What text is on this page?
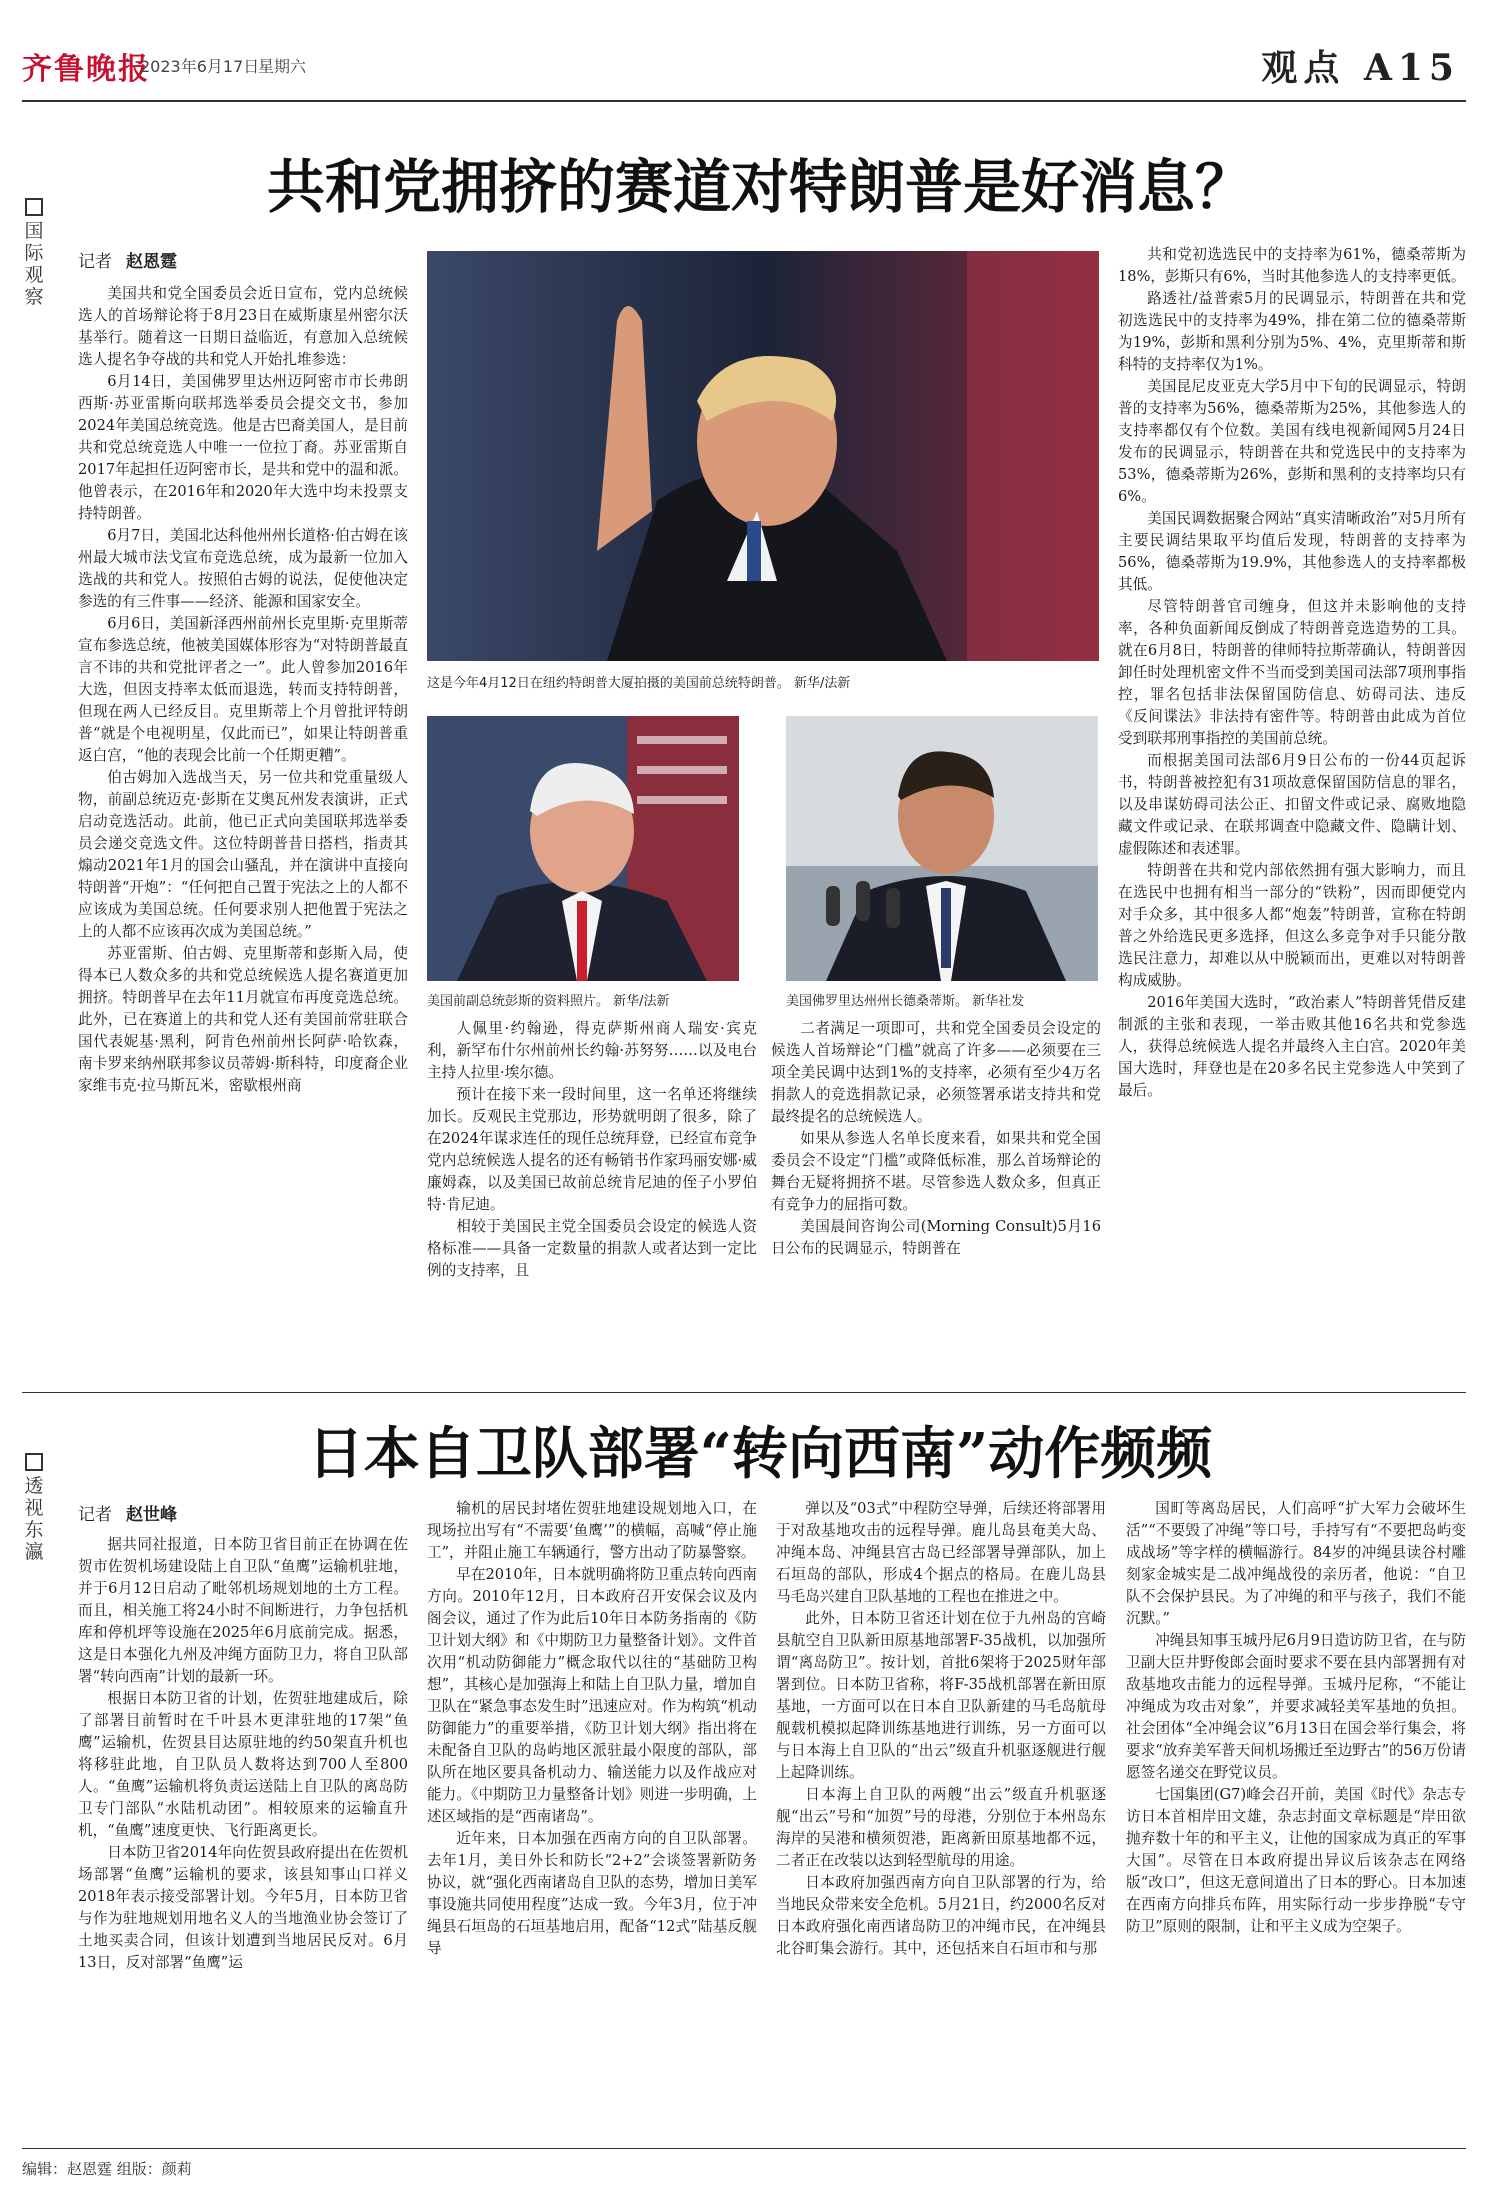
齐鲁晚报
2023年6月17日
星期六	观点 A15
国
际
观
察
共和党拥挤的赛道对特朗普是好消息？
记者 赵恩霆

美国共和党全国委员会近日宣布，党内总统候选人的首场辩论将于8月23日在威斯康星州密尔沃基举行。随着这一日期日益临近，有意加入总统候选人提名争夺战的共和党人开始扎堆参选：

6月14日，美国佛罗里达州迈阿密市市长弗朗西斯·苏亚雷斯向联邦选举委员会提交文书，参加2024年美国总统竞选。他是古巴裔美国人，是目前共和党总统竞选人中唯一一位拉丁裔。苏亚雷斯自2017年起担任迈阿密市长，是共和党中的温和派。他曾表示，在2016年和2020年大选中均未投票支持特朗普。

6月7日，美国北达科他州州长道格·伯古姆在该州最大城市法戈宣布竞选总统，成为最新一位加入选战的共和党人。按照伯古姆的说法，促使他决定参选的有三件事——经济、能源和国家安全。

6月6日，美国新泽西州前州长克里斯·克里斯蒂宣布参选总统，他被美国媒体形容为“对特朗普最直言不讳的共和党批评者之一”。此人曾参加2016年大选，但因支持率太低而退选，转而支持特朗普，但现在两人已经反目。克里斯蒂上个月曾批评特朗普“就是个电视明星，仅此而已”，如果让特朗普重返白宫，“他的表现会比前一个任期更糟”。

伯古姆加入选战当天，另一位共和党重量级人物，前副总统迈克·彭斯在艾奥瓦州发表演讲，正式启动竞选活动。此前，他已正式向美国联邦选举委员会递交竞选文件。这位特朗普昔日搭档，指责其煽动2021年1月的国会山骚乱，并在演讲中直接向特朗普“开炮”：“任何把自己置于宪法之上的人都不应该成为美国总统。任何要求别人把他置于宪法之上的人都不应该再次成为美国总统。”

苏亚雷斯、伯古姆、克里斯蒂和彭斯入局，使得本已人数众多的共和党总统候选人提名赛道更加拥挤。特朗普早在去年11月就宣布再度竞选总统。此外，已在赛道上的共和党人还有美国前常驻联合国代表妮基·黑利，阿肯色州前州长阿萨·哈钦森，南卡罗来纳州联邦参议员蒂姆·斯科特，印度裔企业家维韦克·拉马斯瓦米，密歇根州商

这是今年4月12日在纽约特朗普大厦拍摄的美国前总统特朗普。 新华/法新
美国前副总统彭斯的资料照片。 新华/法新	美国佛罗里达州州长德桑蒂斯。 新华社发

人佩里·约翰逊，得克萨斯州商人瑞安·宾克利，新罕布什尔州前州长约翰·苏努努……以及电台主持人拉里·埃尔德。

预计在接下来一段时间里，这一名单还将继续加长。反观民主党那边，形势就明朗了很多，除了在2024年谋求连任的现任总统拜登，已经宣布竞争党内总统候选人提名的还有畅销书作家玛丽安娜·威廉姆森，以及美国已故前总统肯尼迪的侄子小罗伯特·肯尼迪。

相较于美国民主党全国委员会设定的候选人资格标准——具备一定数量的捐款人或者达到一定比例的支持率，且

二者满足一项即可，共和党全国委员会设定的候选人首场辩论“门槛”就高了许多——必须要在三项全美民调中达到1%的支持率，必须有至少4万名捐款人的竞选捐款记录，必须签署承诺支持共和党最终提名的总统候选人。

如果从参选人名单长度来看，如果共和党全国委员会不设定“门槛”或降低标准，那么首场辩论的舞台无疑将拥挤不堪。尽管参选人数众多，但真正有竞争力的屈指可数。

美国晨间咨询公司(Morning Consult)5月16日公布的民调显示，特朗普在

共和党初选选民中的支持率为61%，德桑蒂斯为18%，彭斯只有6%，当时其他参选人的支持率更低。

路透社/益普索5月的民调显示，特朗普在共和党初选选民中的支持率为49%，排在第二位的德桑蒂斯为19%，彭斯和黑利分别为5%、4%，克里斯蒂和斯科特的支持率仅为1%。

美国昆尼皮亚克大学5月中下旬的民调显示，特朗普的支持率为56%，德桑蒂斯为25%，其他参选人的支持率都仅有个位数。美国有线电视新闻网5月24日发布的民调显示，特朗普在共和党选民中的支持率为53%，德桑蒂斯为26%，彭斯和黑利的支持率均只有6%。

美国民调数据聚合网站“真实清晰政治”对5月所有主要民调结果取平均值后发现，特朗普的支持率为56%，德桑蒂斯为19.9%，其他参选人的支持率都极其低。

尽管特朗普官司缠身，但这并未影响他的支持率，各种负面新闻反倒成了特朗普竞选造势的工具。就在6月8日，特朗普的律师特拉斯蒂确认，特朗普因卸任时处理机密文件不当而受到美国司法部7项刑事指控，罪名包括非法保留国防信息、妨碍司法、违反《反间谍法》非法持有密件等。特朗普由此成为首位受到联邦刑事指控的美国前总统。

而根据美国司法部6月9日公布的一份44页起诉书，特朗普被控犯有31项故意保留国防信息的罪名，以及串谋妨碍司法公正、扣留文件或记录、腐败地隐藏文件或记录、在联邦调查中隐藏文件、隐瞒计划、虚假陈述和表述罪。

特朗普在共和党内部依然拥有强大影响力，而且在选民中也拥有相当一部分的“铁粉”，因而即便党内对手众多，其中很多人都“炮轰”特朗普，宣称在特朗普之外给选民更多选择，但这么多竞争对手只能分散选民注意力，却难以从中脱颖而出，更难以对特朗普构成威胁。

2016年美国大选时，“政治素人”特朗普凭借反建制派的主张和表现，一举击败其他16名共和党参选人，获得总统候选人提名并最终入主白宫。2020年美国大选时，拜登也是在20多名民主党参选人中笑到了最后。

透
视
东
瀛
日本自卫队部署“转向西南”动作频频
记者 赵世峰

据共同社报道，日本防卫省目前正在协调在佐贺市佐贺机场建设陆上自卫队“鱼鹰”运输机驻地，并于6月12日启动了毗邻机场规划地的土方工程。而且，相关施工将24小时不间断进行，力争包括机库和停机坪等设施在2025年6月底前完成。据悉，这是日本强化九州及冲绳方面防卫力，将自卫队部署“转向西南”计划的最新一环。

根据日本防卫省的计划，佐贺驻地建成后，除了部署目前暂时在千叶县木更津驻地的17架“鱼鹰”运输机，佐贺县目达原驻地的约50架直升机也将移驻此地，自卫队员人数将达到700人至800人。“鱼鹰”运输机将负责运送陆上自卫队的离岛防卫专门部队“水陆机动团”。相较原来的运输直升机，“鱼鹰”速度更快、飞行距离更长。

日本防卫省2014年向佐贺县政府提出在佐贺机场部署“鱼鹰”运输机的要求，该县知事山口祥义2018年表示接受部署计划。今年5月，日本防卫省与作为驻地规划用地名义人的当地渔业协会签订了土地买卖合同，但该计划遭到当地居民反对。6月13日，反对部署“鱼鹰”运

输机的居民封堵佐贺驻地建设规划地入口，在现场拉出写有“不需要‘鱼鹰’”的横幅，高喊“停止施工”，并阻止施工车辆通行，警方出动了防暴警察。

早在2010年，日本就明确将防卫重点转向西南方向。2010年12月，日本政府召开安保会议及内阁会议，通过了作为此后10年日本防务指南的《防卫计划大纲》和《中期防卫力量整备计划》。文件首次用“机动防御能力”概念取代以往的“基础防卫构想”，其核心是加强海上和陆上自卫队力量，增加自卫队在“紧急事态发生时”迅速应对。作为构筑“机动防御能力”的重要举措，《防卫计划大纲》指出将在未配备自卫队的岛屿地区派驻最小限度的部队，部队所在地区要具备机动力、输送能力以及作战应对能力。《中期防卫力量整备计划》则进一步明确，上述区域指的是“西南诸岛”。

近年来，日本加强在西南方向的自卫队部署。去年1月，美日外长和防长“2+2”会谈签署新防务协议，就“强化西南诸岛自卫队的态势，增加日美军事设施共同使用程度”达成一致。今年3月，位于冲绳县石垣岛的石垣基地启用，配备“12式”陆基反舰导

弹以及“03式”中程防空导弹，后续还将部署用于对敌基地攻击的远程导弹。鹿儿岛县奄美大岛、冲绳本岛、冲绳县宫古岛已经部署导弹部队，加上石垣岛的部队，形成4个据点的格局。在鹿儿岛县马毛岛兴建自卫队基地的工程也在推进之中。

此外，日本防卫省还计划在位于九州岛的宫崎县航空自卫队新田原基地部署F-35战机，以加强所谓“离岛防卫”。按计划，首批6架将于2025财年部署到位。日本防卫省称，将F-35战机部署在新田原基地，一方面可以在日本自卫队新建的马毛岛航母舰载机模拟起降训练基地进行训练，另一方面可以与日本海上自卫队的“出云”级直升机驱逐舰进行舰上起降训练。

日本海上自卫队的两艘“出云”级直升机驱逐舰“出云”号和“加贺”号的母港，分别位于本州岛东海岸的吴港和横须贺港，距离新田原基地都不远，二者正在改装以达到轻型航母的用途。

日本政府加强西南方向自卫队部署的行为，给当地民众带来安全危机。5月21日，约2000名反对日本政府强化南西诸岛防卫的冲绳市民，在冲绳县北谷町集会游行。其中，还包括来自石垣市和与那

国町等离岛居民，人们高呼“扩大军力会破坏生活”“不要毁了冲绳”等口号，手持写有“不要把岛屿变成战场”等字样的横幅游行。84岁的冲绳县读谷村雕刻家金城实是二战冲绳战役的亲历者，他说：“自卫队不会保护县民。为了冲绳的和平与孩子，我们不能沉默。”

冲绳县知事玉城丹尼6月9日造访防卫省，在与防卫副大臣井野俊郎会面时要求不要在县内部署拥有对敌基地攻击能力的远程导弹。玉城丹尼称，“不能让冲绳成为攻击对象”，并要求减轻美军基地的负担。社会团体“全冲绳会议”6月13日在国会举行集会，将要求“放弃美军普天间机场搬迁至边野古”的56万份请愿签名递交在野党议员。

七国集团(G7)峰会召开前，美国《时代》杂志专访日本首相岸田文雄，杂志封面文章标题是“岸田欲抛弃数十年的和平主义，让他的国家成为真正的军事大国”。尽管在日本政府提出异议后该杂志在网络版“改口”，但这无意间道出了日本的野心。日本加速在西南方向排兵布阵，用实际行动一步步挣脱“专守防卫”原则的限制，让和平主义成为空架子。

编辑：赵恩霆 组版：颜莉
